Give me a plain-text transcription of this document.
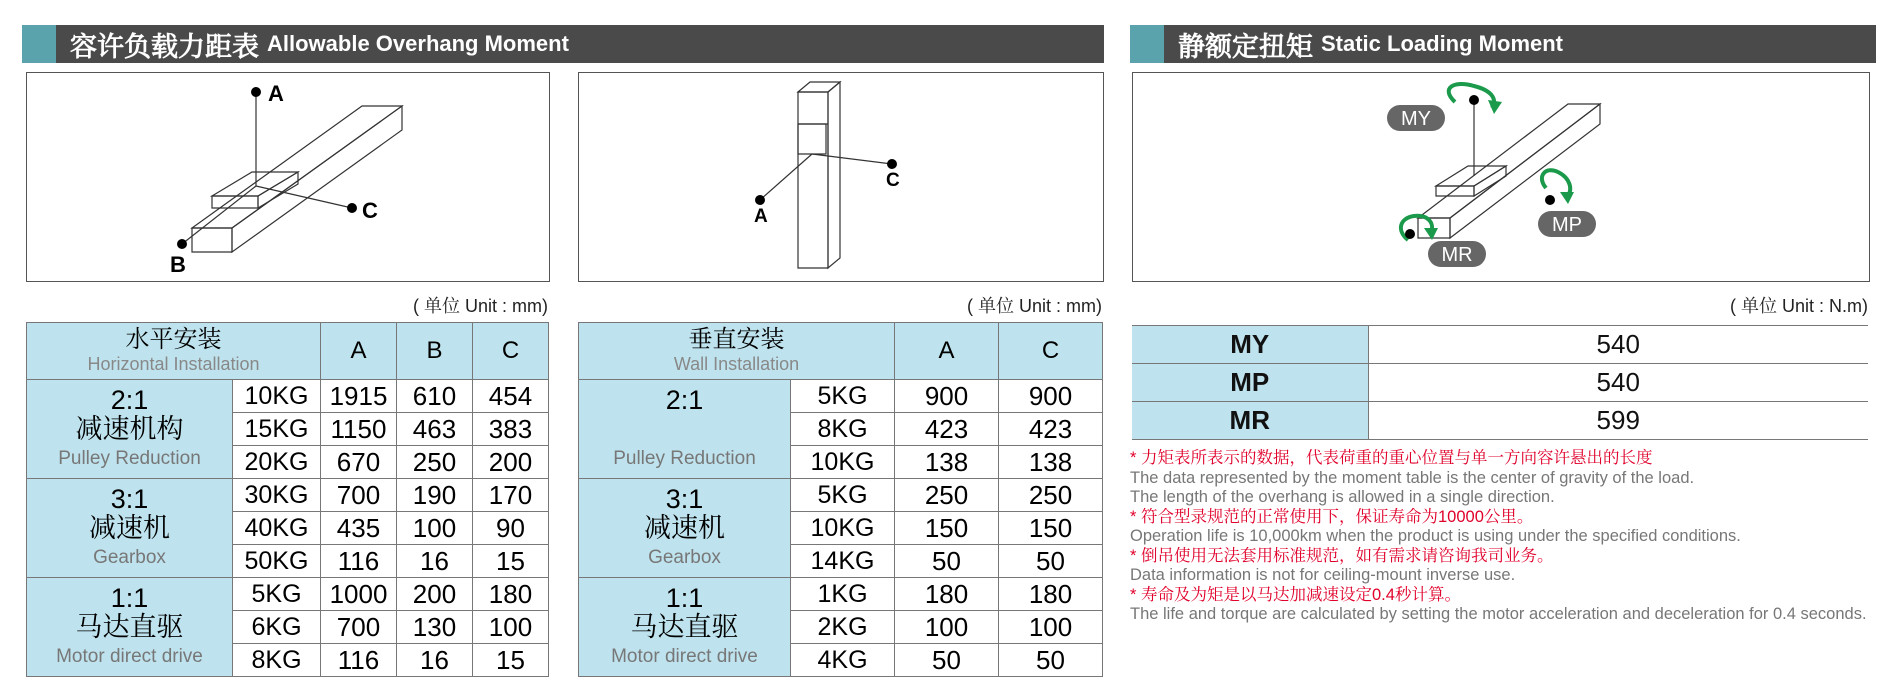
容许负载力距表 Allowable Overhang Moment	静额定扭矩 Static Loading Moment
A
C
B
C
A
MY
MP
MR
( 单位 Unit : mm)	( 单位 Unit : mm)	( 单位 Unit : N.m)
水平安装
Horizontal Installation		A	B	C

2:1
减速机构
Pulley Reduction	10KG	1915	610	454
	15KG	1150	463	383
	20KG	670	250	200

3:1
减速机
Gearbox	30KG	700	190	170
	40KG	435	100	90
	50KG	116	16	15

1:1
马达直驱
Motor direct drive	5KG	1000	200	180
	6KG	700	130	100
	8KG	116	16	15
垂直安装
Wall Installation		A	C

2:1
Pulley Reduction	5KG	900	900
	8KG	423	423
	10KG	138	138

3:1
减速机
Gearbox	5KG	250	250
	10KG	150	150
	14KG	50	50

1:1
马达直驱
Motor direct drive	1KG	180	180
	2KG	100	100
	4KG	50	50
MY	540
MP	540
MR	599
* 力矩表所表示的数据，代表荷重的重心位置与单一方向容许悬出的长度
The data represented by the moment table is the center of gravity of the load.
The length of the overhang is allowed in a single direction.
* 符合型录规范的正常使用下，保证寿命为10000公里。
Operation life is 10,000km when the product is using under the specified conditions.
* 倒吊使用无法套用标准规范，如有需求请咨询我司业务。
Data information is not for ceiling-mount inverse use.
* 寿命及为矩是以马达加减速设定0.4秒计算。
The life and torque are calculated by setting the motor acceleration and deceleration for 0.4 seconds.
